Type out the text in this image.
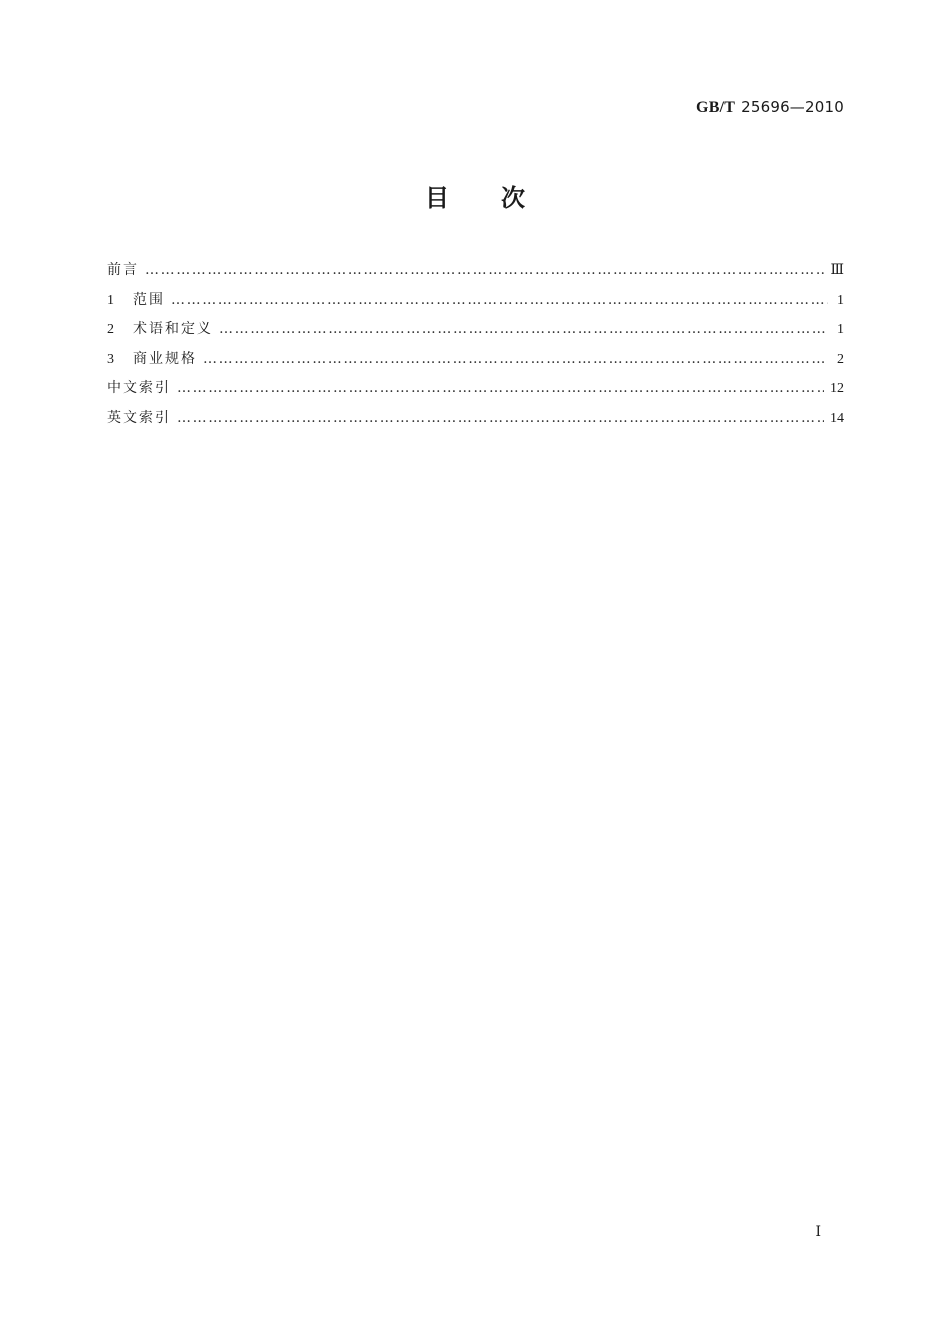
GB/T 25696—2010
目 次
前言 ……………………………………………………………………………………………………………………………………………………………………………………………………	Ⅲ
1	范围 ……………………………………………………………………………………………………………………………………………………………………………………………………	1
2	术语和定义 ……………………………………………………………………………………………………………………………………………………………………………………………………	1
3	商业规格 ……………………………………………………………………………………………………………………………………………………………………………………………………	2
中文索引 ……………………………………………………………………………………………………………………………………………………………………………………………………	12
英文索引 ……………………………………………………………………………………………………………………………………………………………………………………………………	14
Ⅰ
